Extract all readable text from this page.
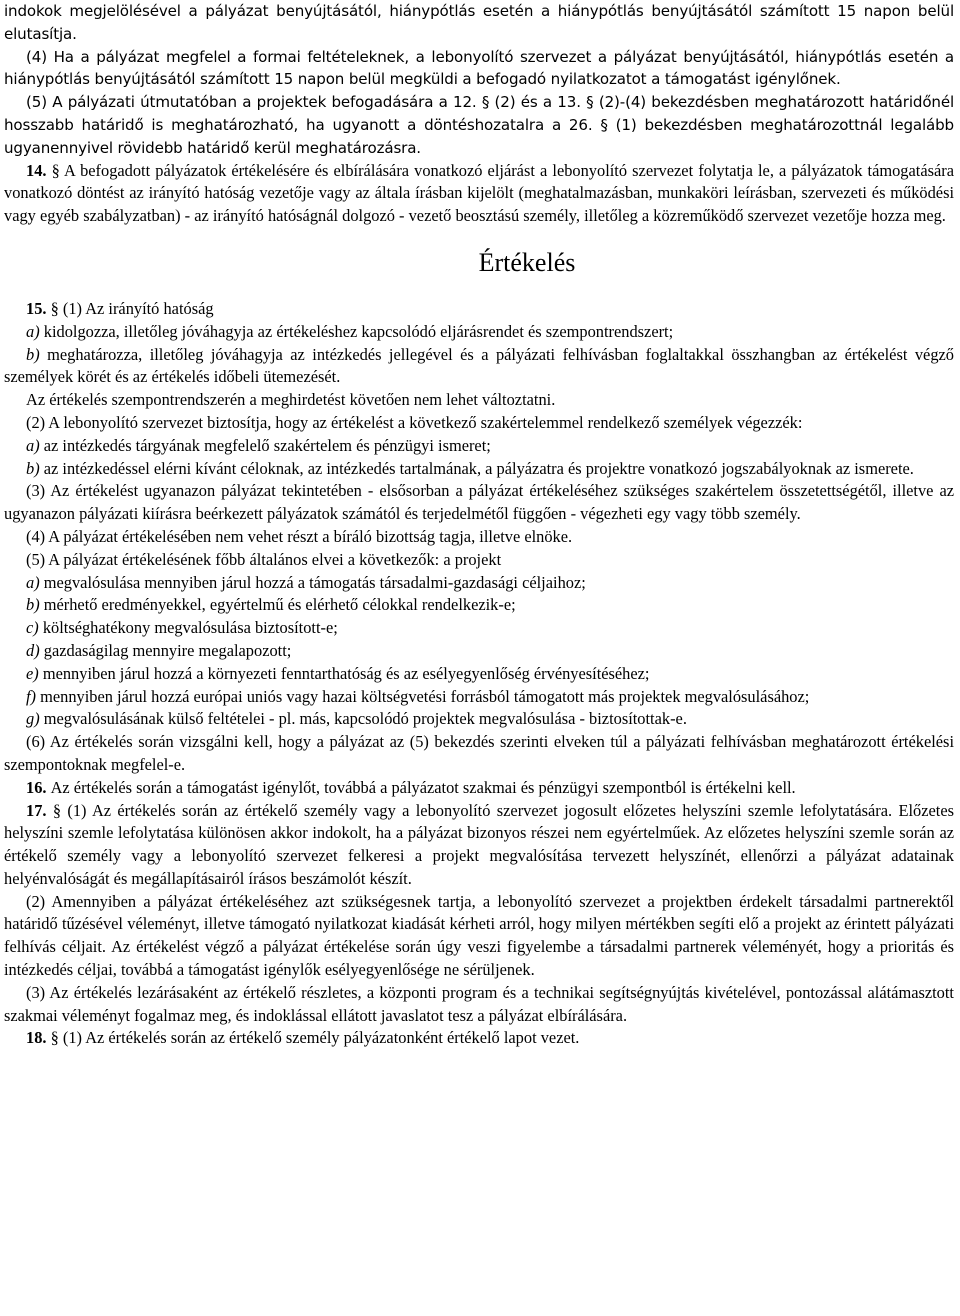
indokok megjelölésével a pályázat benyújtásától, hiánypótlás esetén a hiánypótlás benyújtásától számított 15 napon belül elutasítja.

(4) Ha a pályázat megfelel a formai feltételeknek, a lebonyolító szervezet a pályázat benyújtásától, hiánypótlás esetén a hiánypótlás benyújtásától számított 15 napon belül megküldi a befogadó nyilatkozatot a támogatást igénylőnek.

(5) A pályázati útmutatóban a projektek befogadására a 12. § (2) és a 13. § (2)-(4) bekezdésben meghatározott határidőnél hosszabb határidő is meghatározható, ha ugyanott a döntéshozatalra a 26. § (1) bekezdésben meghatározottnál legalább ugyanennyivel rövidebb határidő kerül meghatározásra.

14. § A befogadott pályázatok értékelésére és elbírálására vonatkozó eljárást a lebonyolító szervezet folytatja le, a pályázatok támogatására vonatkozó döntést az irányító hatóság vezetője vagy az általa írásban kijelölt (meghatalmazásban, munkaköri leírásban, szervezeti és működési vagy egyéb szabályzatban) - az irányító hatóságnál dolgozó - vezető beosztású személy, illetőleg a közreműködő szervezet vezetője hozza meg.

Értékelés

15. § (1) Az irányító hatóság

a) kidolgozza, illetőleg jóváhagyja az értékeléshez kapcsolódó eljárásrendet és szempontrendszert;

b) meghatározza, illetőleg jóváhagyja az intézkedés jellegével és a pályázati felhívásban foglaltakkal összhangban az értékelést végző személyek körét és az értékelés időbeli ütemezését.

Az értékelés szempontrendszerén a meghirdetést követően nem lehet változtatni.

(2) A lebonyolító szervezet biztosítja, hogy az értékelést a következő szakértelemmel rendelkező személyek végezzék:

a) az intézkedés tárgyának megfelelő szakértelem és pénzügyi ismeret;

b) az intézkedéssel elérni kívánt céloknak, az intézkedés tartalmának, a pályázatra és projektre vonatkozó jogszabályoknak az ismerete.

(3) Az értékelést ugyanazon pályázat tekintetében - elsősorban a pályázat értékeléséhez szükséges szakértelem összetettségétől, illetve az ugyanazon pályázati kiírásra beérkezett pályázatok számától és terjedelmétől függően - végezheti egy vagy több személy.

(4) A pályázat értékelésében nem vehet részt a bíráló bizottság tagja, illetve elnöke.

(5) A pályázat értékelésének főbb általános elvei a következők: a projekt

a) megvalósulása mennyiben járul hozzá a támogatás társadalmi-gazdasági céljaihoz;

b) mérhető eredményekkel, egyértelmű és elérhető célokkal rendelkezik-e;

c) költséghatékony megvalósulása biztosított-e;

d) gazdaságilag mennyire megalapozott;

e) mennyiben járul hozzá a környezeti fenntarthatóság és az esélyegyenlőség érvényesítéséhez;

f) mennyiben járul hozzá európai uniós vagy hazai költségvetési forrásból támogatott más projektek megvalósulásához;

g) megvalósulásának külső feltételei - pl. más, kapcsolódó projektek megvalósulása - biztosítottak-e.

(6) Az értékelés során vizsgálni kell, hogy a pályázat az (5) bekezdés szerinti elveken túl a pályázati felhívásban meghatározott értékelési szempontoknak megfelel-e.

16. Az értékelés során a támogatást igénylőt, továbbá a pályázatot szakmai és pénzügyi szempontból is értékelni kell.

17. § (1) Az értékelés során az értékelő személy vagy a lebonyolító szervezet jogosult előzetes helyszíni szemle lefolytatására. Előzetes helyszíni szemle lefolytatása különösen akkor indokolt, ha a pályázat bizonyos részei nem egyértelműek. Az előzetes helyszíni szemle során az értékelő személy vagy a lebonyolító szervezet felkeresi a projekt megvalósítása tervezett helyszínét, ellenőrzi a pályázat adatainak helyénvalóságát és megállapításairól írásos beszámolót készít.

(2) Amennyiben a pályázat értékeléséhez azt szükségesnek tartja, a lebonyolító szervezet a projektben érdekelt társadalmi partnerektől határidő tűzésével véleményt, illetve támogató nyilatkozat kiadását kérheti arról, hogy milyen mértékben segíti elő a projekt az érintett pályázati felhívás céljait. Az értékelést végző a pályázat értékelése során úgy veszi figyelembe a társadalmi partnerek véleményét, hogy a prioritás és intézkedés céljai, továbbá a támogatást igénylők esélyegyenlősége ne sérüljenek.

(3) Az értékelés lezárásaként az értékelő részletes, a központi program és a technikai segítségnyújtás kivételével, pontozással alátámasztott szakmai véleményt fogalmaz meg, és indoklással ellátott javaslatot tesz a pályázat elbírálására.

18. § (1) Az értékelés során az értékelő személy pályázatonként értékelő lapot vezet.
